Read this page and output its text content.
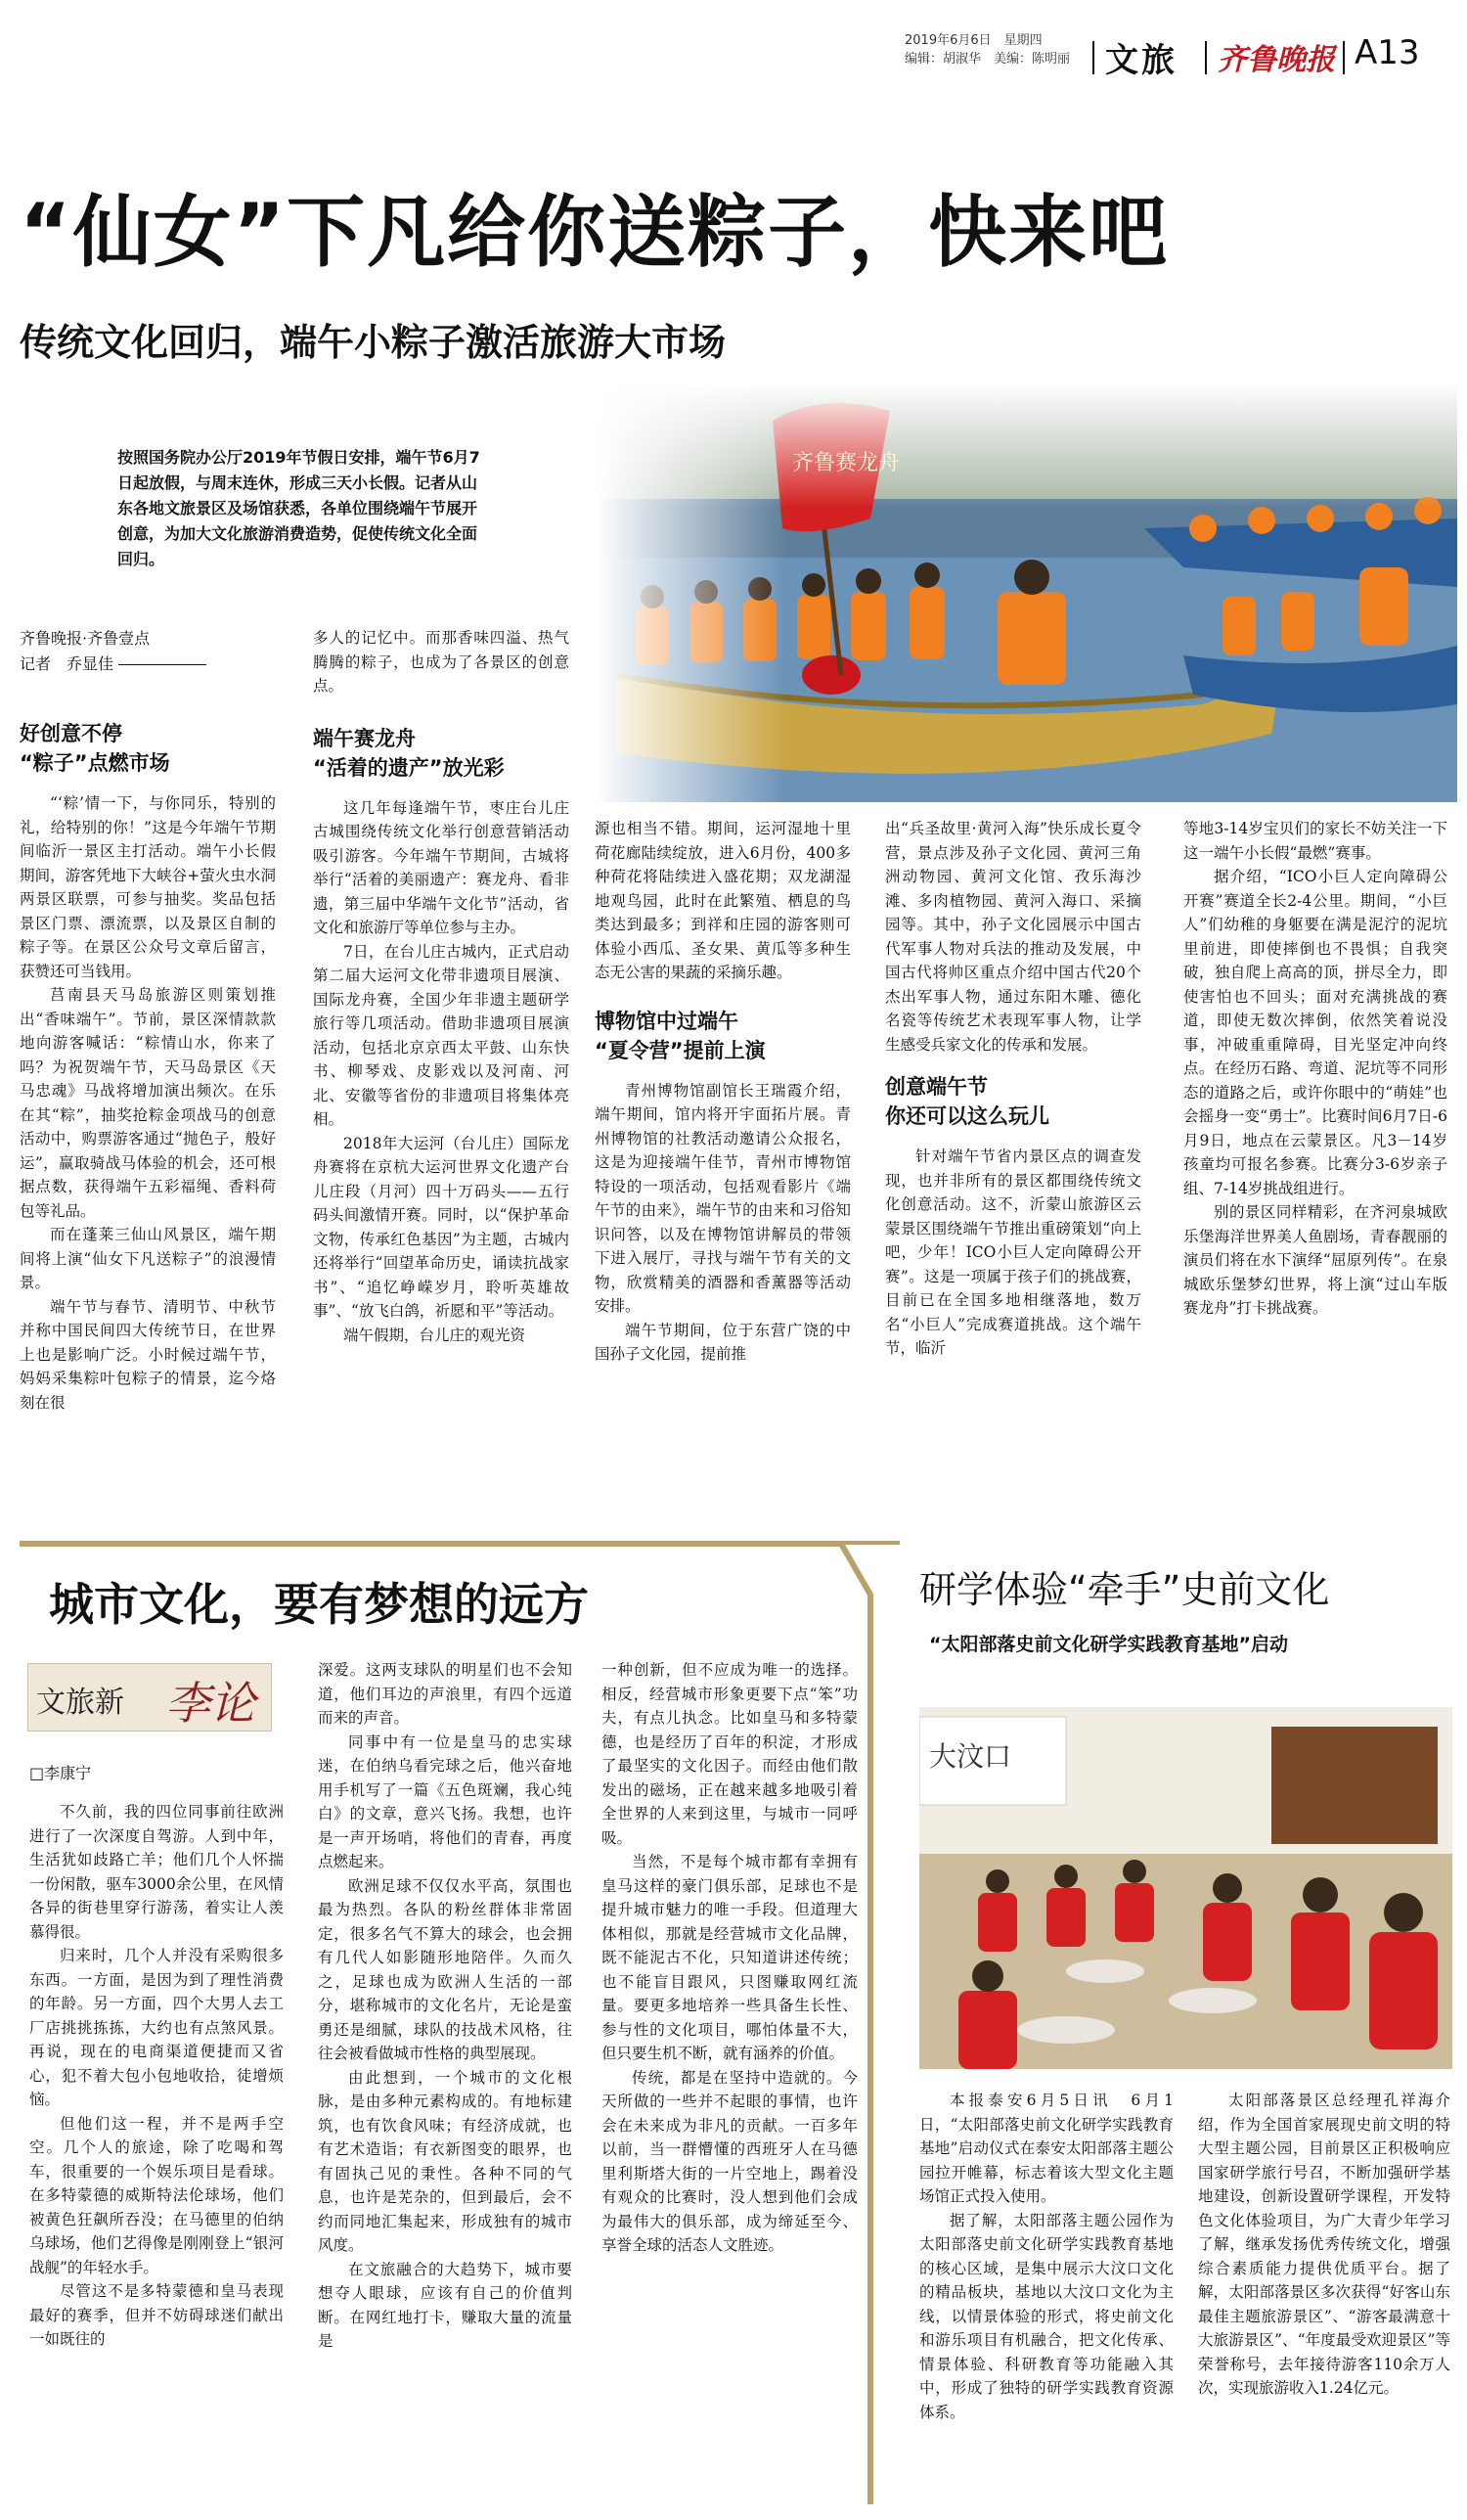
2019年6月6日　星期四
编辑：胡淑华　美编：陈明丽 文旅 齐鲁晚报 A13
“仙女”下凡给你送粽子，快来吧
传统文化回归，端午小粽子激活旅游大市场
按照国务院办公厅2019年节假日安排，端午节6月7日起放假，与周末连休，形成三天小长假。记者从山东各地文旅景区及场馆获悉，各单位围绕端午节展开创意，为加大文化旅游消费造势，促使传统文化全面回归。
齐鲁晚报·齐鲁壹点
记者　乔显佳
好创意不停
“粽子”点燃市场

“‘粽’情一下，与你同乐，特别的礼，给特别的你！”这是今年端午节期间临沂一景区主打活动。端午小长假期间，游客凭地下大峡谷+萤火虫水洞两景区联票，可参与抽奖。奖品包括景区门票、漂流票，以及景区自制的粽子等。在景区公众号文章后留言，获赞还可当钱用。

莒南县天马岛旅游区则策划推出“香味端午”。节前，景区深情款款地向游客喊话：“粽情山水，你来了吗？为祝贺端午节，天马岛景区《天马忠魂》马战将增加演出频次。在乐在其“粽”，抽奖抢粽金项战马的创意活动中，购票游客通过“抛色子，般好运”，赢取骑战马体验的机会，还可根据点数，获得端午五彩福绳、香料荷包等礼品。

而在蓬莱三仙山风景区，端午期间将上演“仙女下凡送粽子”的浪漫情景。

端午节与春节、清明节、中秋节并称中国民间四大传统节日，在世界上也是影响广泛。小时候过端午节，妈妈采集粽叶包粽子的情景，迄今烙刻在很

多人的记忆中。而那香味四溢、热气腾腾的粽子，也成为了各景区的创意点。

端午赛龙舟
“活着的遗产”放光彩

这几年每逢端午节，枣庄台儿庄古城围绕传统文化举行创意营销活动吸引游客。今年端午节期间，古城将举行“活着的美丽遗产：赛龙舟、看非遗，第三届中华端午文化节”活动，省文化和旅游厅等单位参与主办。

7日，在台儿庄古城内，正式启动第二届大运河文化带非遗项目展演、国际龙舟赛，全国少年非遗主题研学旅行等几项活动。借助非遗项目展演活动，包括北京京西太平鼓、山东快书、柳琴戏、皮影戏以及河南、河北、安徽等省份的非遗项目将集体亮相。

2018年大运河（台儿庄）国际龙舟赛将在京杭大运河世界文化遗产台儿庄段（月河）四十万码头——五行码头间激情开赛。同时，以“保护革命文物，传承红色基因”为主题，古城内还将举行“回望革命历史，诵读抗战家书”、“追忆峥嵘岁月，聆听英雄故事”、“放飞白鸽，祈愿和平”等活动。

端午假期，台儿庄的观光资

源也相当不错。期间，运河湿地十里荷花廊陆续绽放，进入6月份，400多种荷花将陆续进入盛花期；双龙湖湿地观鸟园，此时在此繁殖、栖息的鸟类达到最多；到祥和庄园的游客则可体验小西瓜、圣女果、黄瓜等多种生态无公害的果蔬的采摘乐趣。

博物馆中过端午
“夏令营”提前上演

青州博物馆副馆长王瑞霞介绍，端午期间，馆内将开宇面拓片展。青州博物馆的社教活动邀请公众报名，这是为迎接端午佳节，青州市博物馆特设的一项活动，包括观看影片《端午节的由来》，端午节的由来和习俗知识问答，以及在博物馆讲解员的带领下进入展厅，寻找与端午节有关的文物，欣赏精美的酒器和香薰器等活动安排。

端午节期间，位于东营广饶的中国孙子文化园，提前推

出“兵圣故里·黄河入海”快乐成长夏令营，景点涉及孙子文化园、黄河三角洲动物园、黄河文化馆、孜乐海沙滩、多肉植物园、黄河入海口、采摘园等。其中，孙子文化园展示中国古代军事人物对兵法的推动及发展，中国古代将帅区重点介绍中国古代20个杰出军事人物，通过东阳木雕、德化名瓷等传统艺术表现军事人物，让学生感受兵家文化的传承和发展。

创意端午节
你还可以这么玩儿

针对端午节省内景区点的调查发现，也并非所有的景区都围绕传统文化创意活动。这不，沂蒙山旅游区云蒙景区围绕端午节推出重磅策划“向上吧，少年！ICO小巨人定向障碍公开赛”。这是一项属于孩子们的挑战赛，目前已在全国多地相继落地，数万名“小巨人”完成赛道挑战。这个端午节，临沂

等地3-14岁宝贝们的家长不妨关注一下这一端午小长假“最燃”赛事。

据介绍，“ICO小巨人定向障碍公开赛”赛道全长2-4公里。期间，“小巨人”们幼稚的身躯要在满是泥泞的泥坑里前进，即使摔倒也不畏惧；自我突破，独自爬上高高的顶，拼尽全力，即使害怕也不回头；面对充满挑战的赛道，即使无数次摔倒，依然笑着说没事，冲破重重障碍，目光坚定冲向终点。在经历石路、弯道、泥坑等不同形态的道路之后，或许你眼中的“萌娃”也会摇身一变“勇士”。比赛时间6月7日-6月9日，地点在云蒙景区。凡3－14岁孩童均可报名参赛。比赛分3-6岁亲子组、7-14岁挑战组进行。

别的景区同样精彩，在齐河泉城欧乐堡海洋世界美人鱼剧场，青春靓丽的演员们将在水下演绎“屈原列传”。在泉城欧乐堡梦幻世界，将上演“过山车版赛龙舟”打卡挑战赛。

城市文化，要有梦想的远方
文旅新 李论
□李康宁

不久前，我的四位同事前往欧洲进行了一次深度自驾游。人到中年，生活犹如歧路亡羊；他们几个人怀揣一份闲散，驱车3000余公里，在风情各异的街巷里穿行游荡，着实让人羡慕得很。

归来时，几个人并没有采购很多东西。一方面，是因为到了理性消费的年龄。另一方面，四个大男人去工厂店挑挑拣拣，大约也有点煞风景。再说，现在的电商渠道便捷而又省心，犯不着大包小包地收拾，徒增烦恼。

但他们这一程，并不是两手空空。几个人的旅途，除了吃喝和驾车，很重要的一个娱乐项目是看球。在多特蒙德的威斯特法伦球场，他们被黄色狂飙所吞没；在马德里的伯纳乌球场，他们艺得像是刚刚登上“银河战舰”的年轻水手。

尽管这不是多特蒙德和皇马表现最好的赛季，但并不妨碍球迷们献出一如既往的

深爱。这两支球队的明星们也不会知道，他们耳边的声浪里，有四个远道而来的声音。

同事中有一位是皇马的忠实球迷，在伯纳乌看完球之后，他兴奋地用手机写了一篇《五色斑斓，我心纯白》的文章，意兴飞扬。我想，也许是一声开场哨，将他们的青春，再度点燃起来。

欧洲足球不仅仅水平高，氛围也最为热烈。各队的粉丝群体非常固定，很多名气不算大的球会，也会拥有几代人如影随形地陪伴。久而久之，足球也成为欧洲人生活的一部分，堪称城市的文化名片，无论是蛮勇还是细腻，球队的技战术风格，往往会被看做城市性格的典型展现。

由此想到，一个城市的文化根脉，是由多种元素构成的。有地标建筑，也有饮食风味；有经济成就，也有艺术造诣；有衣新图变的眼界，也有固执己见的秉性。各种不同的气息，也许是芜杂的，但到最后，会不约而同地汇集起来，形成独有的城市风度。

在文旅融合的大趋势下，城市要想夺人眼球，应该有自己的价值判断。在网红地打卡，赚取大量的流量是

一种创新，但不应成为唯一的选择。相反，经营城市形象更要下点“笨”功夫，有点儿执念。比如皇马和多特蒙德，也是经历了百年的积淀，才形成了最坚实的文化因子。而经由他们散发出的磁场，正在越来越多地吸引着全世界的人来到这里，与城市一同呼吸。

当然，不是每个城市都有幸拥有皇马这样的豪门俱乐部，足球也不是提升城市魅力的唯一手段。但道理大体相似，那就是经营城市文化品牌，既不能泥古不化，只知道讲述传统；也不能盲目跟风，只图赚取网红流量。要更多地培养一些具备生长性、参与性的文化项目，哪怕体量不大，但只要生机不断，就有涵养的价值。

传统，都是在坚持中造就的。今天所做的一些并不起眼的事情，也许会在未来成为非凡的贡献。一百多年以前，当一群懵懂的西班牙人在马德里利斯塔大街的一片空地上，踢着没有观众的比赛时，没人想到他们会成为最伟大的俱乐部，成为缔延至今、享誉全球的活态人文胜迹。

研学体验“牵手”史前文化
“太阳部落史前文化研学实践教育基地”启动
大汶口

本报泰安6月5日讯　6月1日，“太阳部落史前文化研学实践教育基地”启动仪式在泰安太阳部落主题公园拉开帷幕，标志着该大型文化主题场馆正式投入使用。

据了解，太阳部落主题公园作为太阳部落史前文化研学实践教育基地的核心区域，是集中展示大汶口文化的精品板块，基地以大汶口文化为主线，以情景体验的形式，将史前文化和游乐项目有机融合，把文化传承、情景体验、科研教育等功能融入其中，形成了独特的研学实践教育资源体系。

太阳部落景区总经理孔祥海介绍，作为全国首家展现史前文明的特大型主题公园，目前景区正积极响应国家研学旅行号召，不断加强研学基地建设，创新设置研学课程，开发特色文化体验项目，为广大青少年学习了解，继承发扬优秀传统文化，增强综合素质能力提供优质平台。据了解，太阳部落景区多次获得“好客山东最佳主题旅游景区”、“游客最满意十大旅游景区”、“年度最受欢迎景区”等荣誉称号，去年接待游客110余万人次，实现旅游收入1.24亿元。
